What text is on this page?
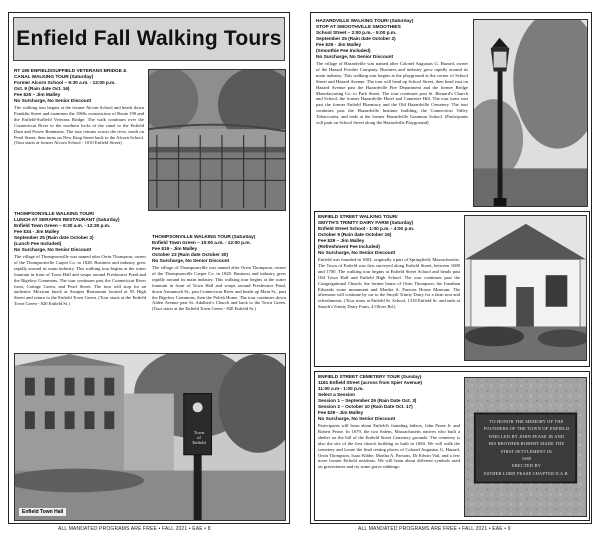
Enfield Fall Walking Tours
RT 190 ENFIELD/SUFFIELD VETERANS BRIDGE &
CANAL WALKING TOUR (Saturday)
Former Alcorn School – 9:30 a.m. - 12:00 p.m.
Oct. 9 (Rain date Oct. 16)
Fee $25 – Jim Malley
No Surcharge, No Senior Discount
The walking tour begins at the former Alcorn School and heads down Franklin Street and examines the 1960s construction of Route 190 and the Enfield-Suffield Veterans Bridge. The walk continues over the Connecticut River to the northern locks of the canal to the Enfield Dam and Power Remnants. The tour returns across the river, north on Pearl Street, then turns on New King Street back to the Alcorn School. (Tour starts at former Alcorn School - 1010 Enfield Street)
THOMPSONVILLE WALKING TOUR/
LUNCH AT SERAPES RESTAURANT (Saturday)
Enfield Town Green – 9:30 a.m. - 12:30 p.m.
Fee $34 - Jim Malley
September 25 (Rain date October 2)
(Lunch Fee Included)
No Surcharge, No Senior Discount
The village of Thompsonville was named after Orrin Thompson, owner of the Thompsonville Carpet Co. in 1828. Business and industry grew rapidly around its main industry. This walking tour begins at the water fountain in front of Town Hall and wraps around Freshwater Pond and the Bigelow Commons. The tour continues past the Connecticut River front, Cottage Green, and Pearl Street. The tour will stop for an authentic Mexican lunch at Serapes Restaurant located at 95 High Street and return to the Enfield Town Green. (Tour starts at the Enfield Town Green - 820 Enfield St.)
THOMPSONVILLE WALKING TOUR (Saturday)
Enfield Town Green – 10:00 a.m. - 12:00 p.m.
Fee $19 - Jim Malley
October 23 (Rain date October 30)
No Surcharge, No Senior Discount
The village of Thompsonville was named after Orrin Thompson, owner of the Thompsonville Carpet Co. in 1828. Business and industry grew rapidly around its main industry. This walking tour begins at the water fountain in front of Town Hall and wraps around Freshwater Pond, down Asnuntuck St., past Connecticut River and heads up Main St., past the Bigelow Commons, then the Polish Home. The tour continues down Alden Avenue past St. Adalbert's Church and back to the Town Green. (Tour starts at the Enfield Town Green - 820 Enfield St.)
Town
of
Enfield
Enfield Town Hall
ALL MANDATED PROGRAMS ARE FREE • FALL 2021 • EAE • 8
HAZARDVILLE WALKING TOUR/ (Saturday)
STOP AT SMOOTHVILLE SMOOTHIES
School Street – 2:00 p.m. - 5:00 p.m.
September 25 (Rain date October 2)
Fee $29 - Jim Malley
(Smoothie Fee Included)
No Surcharge, No Senior Discount
The village of Hazardville was named after Colonel Augustus G. Hazard, owner of the Hazard Powder Company. Business and industry grew rapidly around its main industry. This walking tour begins at the playground at the corner of School Street and Hazard Avenue. The tour will head up School Street, then head east on Hazard Avenue past the Hazardville Fire Department and the former Bridge Manufacturing Co. to Park Street. The tour continues past St. Bernard's Church and School, the former Hazardville Hotel and Cannister Hill. The tour turns east past the former Enfield Pharmacy and the Old Hazardville Cemetery. The tour continues past the Hazardville Institute building, the Connecticut Valley Tobacconist, and ends at the former Hazardville Grammar School. (Participants will park on School Street along the Hazardville Playground)
ENFIELD STREET WALKING TOUR/
SMYTH'S TRINITY DAIRY FARM (Saturday)
Enfield Street School - 1:00 p.m. - 4:00 p.m.
October 9 (Rain date October 16)
Fee $29 – Jim Malley
(Refreshment Fee Included)
No Surcharge, No Senior Discount
Enfield was founded in 1683, originally a part of Springfield, Massachusetts. The Town of Enfield was first surveyed along Enfield Street, between 1680 and 1700. The walking tour begins at Enfield Street School and heads past Old Town Hall and Enfield High School. The tour continues past the Congregational Church, the former home of Orrin Thompson, the Jonathan Edwards stone monument and Martha A. Parsons House Museum. The afternoon will continue by car to the Smyth Trinity Dairy for a farm tour and refreshments. (Tour starts at Enfield St. School, 1318 Enfield St. and ends at Smyth's Trinity Dairy Farm, 4 Oliver Rd.)
ENFIELD STREET CEMETERY TOUR (Sunday)
1181 Enfield Street (across from Spier Avenue)
11:00 a.m - 1:00 p.m.
Select a Session
Session 1 – September 26 (Rain Date Oct. 3)
Session 2 – October 10 (Rain Date Oct. 17)
Fee $29 - Jim Malley
No Surcharge, No Senior Discount
Participants will learn about Enfield's founding fathers, John Pease Jr. and Robert Pease. In 1679, the two Salem, Massachusetts natives who built a shelter on the hill of the Enfield Street Cemetery grounds. The cemetery is also the site of the first church building as built in 1684. We will walk the cemetery and locate the final resting places of Colonel Augustus G. Hazard, Orrin Thompson, Isaac Kibbe, Martha A. Parsons, Dr Edwin Vail, and a few more former Enfield residents. We will learn about different symbols used on gravestones and try some grave rubbings.
TO HONOR THE MEMORY OF THE
FOUNDERS OF THE TOWN OF ENFIELD
WHO LED BY JOHN PEASE JR AND
HIS BROTHER ROBERT MADE THE
FIRST SETTLEMENT IN
1680
ERECTED BY
ESTHER LORD PEASE CHAPTER D.A.R.
ALL MANDATED PROGRAMS ARE FREE • FALL 2021 • EAE • 9
